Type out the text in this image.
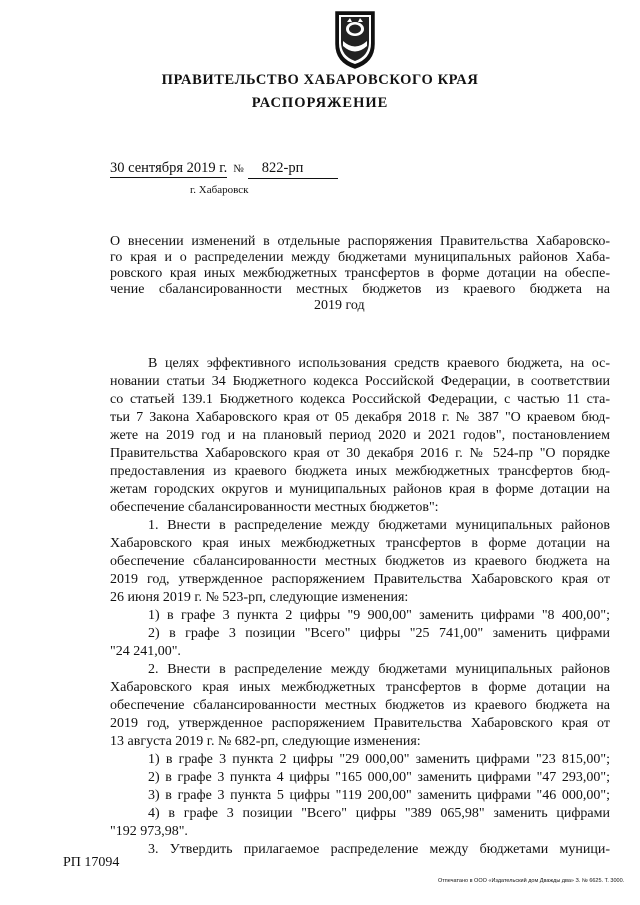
ПРАВИТЕЛЬСТВО ХАБАРОВСКОГО КРАЯ
РАСПОРЯЖЕНИЕ
30 сентября 2019 г. № 822-рп
г. Хабаровск
О внесении изменений в отдельные распоряжения Правительства Хабаровско-
го края и о распределении между бюджетами муниципальных районов Хаба-
ровского края иных межбюджетных трансфертов в форме дотации на обеспе-
чение сбалансированности местных бюджетов из краевого бюджета на
2019 год
В целях эффективного использования средств краевого бюджета, на ос-
новании статьи 34 Бюджетного кодекса Российской Федерации, в соответствии
со статьей 139.1 Бюджетного кодекса Российской Федерации, с частью 11 ста-
тьи 7 Закона Хабаровского края от 05 декабря 2018 г. № 387 "О краевом бюд-
жете на 2019 год и на плановый период 2020 и 2021 годов", постановлением
Правительства Хабаровского края от 30 декабря 2016 г. № 524-пр "О порядке
предоставления из краевого бюджета иных межбюджетных трансфертов бюд-
жетам городских округов и муниципальных районов края в форме дотации на
обеспечение сбалансированности местных бюджетов":
1. Внести в распределение между бюджетами муниципальных районов
Хабаровского края иных межбюджетных трансфертов в форме дотации на
обеспечение сбалансированности местных бюджетов из краевого бюджета на
2019 год, утвержденное распоряжением Правительства Хабаровского края от
26 июня 2019 г. № 523-рп, следующие изменения:
1) в графе 3 пункта 2 цифры "9 900,00" заменить цифрами "8 400,00";
2) в графе 3 позиции "Всего" цифры "25 741,00" заменить цифрами
"24 241,00".
2. Внести в распределение между бюджетами муниципальных районов
Хабаровского края иных межбюджетных трансфертов в форме дотации на
обеспечение сбалансированности местных бюджетов из краевого бюджета на
2019 год, утвержденное распоряжением Правительства Хабаровского края от
13 августа 2019 г. № 682-рп, следующие изменения:
1) в графе 3 пункта 2 цифры "29 000,00" заменить цифрами "23 815,00";
2) в графе 3 пункта 4 цифры "165 000,00" заменить цифрами "47 293,00";
3) в графе 3 пункта 5 цифры "119 200,00" заменить цифрами "46 000,00";
4) в графе 3 позиции "Всего" цифры "389 065,98" заменить цифрами
"192 973,98".
3. Утвердить прилагаемое распределение между бюджетами муници-
РП 17094
Отпечатано в ООО «Издательский дом Дважды два» З. № 6625. Т. 3000.
